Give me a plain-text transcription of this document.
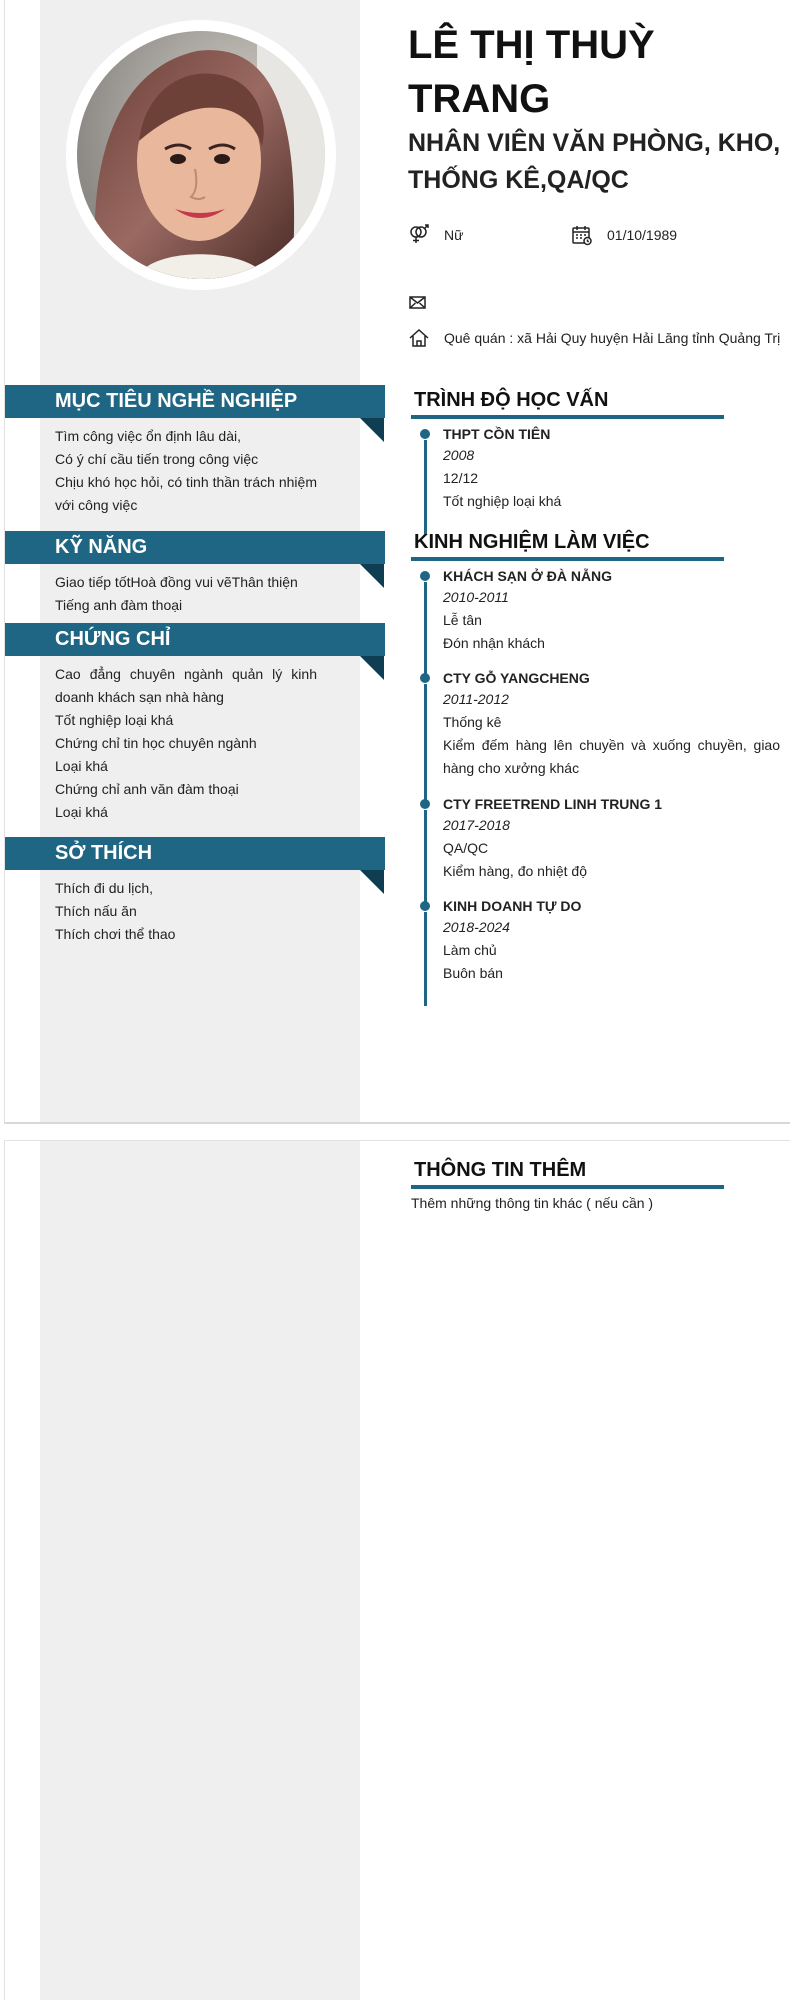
LÊ THỊ THUỲ TRANG
NHÂN VIÊN VĂN PHÒNG, KHO, THỐNG KÊ,QA/QC
Nữ	01/10/1989
Quê quán : xã Hải Quy huyện Hải Lăng tỉnh Quảng Trị
MỤC TIÊU NGHỀ NGHIỆP
Tìm công việc ổn định lâu dài,
Có ý chí cầu tiến trong công việc
Chịu khó học hỏi, có tinh thần trách nhiệm với công việc
KỸ NĂNG
Giao tiếp tốtHoà đồng vui vẽThân thiện
Tiếng anh đàm thoại
CHỨNG CHỈ
Cao đẳng chuyên ngành quản lý kinh doanh khách sạn nhà hàng
Tốt nghiệp loại khá
Chứng chỉ tin học chuyên ngành
Loại khá
Chứng chỉ anh văn đàm thoại
Loại khá
SỞ THÍCH
Thích đi du lịch,
Thích nấu ăn
Thích chơi thể thao
TRÌNH ĐỘ HỌC VẤN
THPT CỒN TIÊN
2008
12/12
Tốt nghiệp loại khá
KINH NGHIỆM LÀM VIỆC
KHÁCH SẠN Ở ĐÀ NẴNG
2010-2011
Lễ tân
Đón nhận khách
CTY GỖ YANGCHENG
2011-2012
Thống kê
Kiểm đếm hàng lên chuyền và xuống chuyền, giao hàng cho xưởng khác
CTY FREETREND LINH TRUNG 1
2017-2018
QA/QC
Kiểm hàng, đo nhiệt độ
KINH DOANH TỰ DO
2018-2024
Làm chủ
Buôn bán
THÔNG TIN THÊM
Thêm những thông tin khác ( nếu cần )
